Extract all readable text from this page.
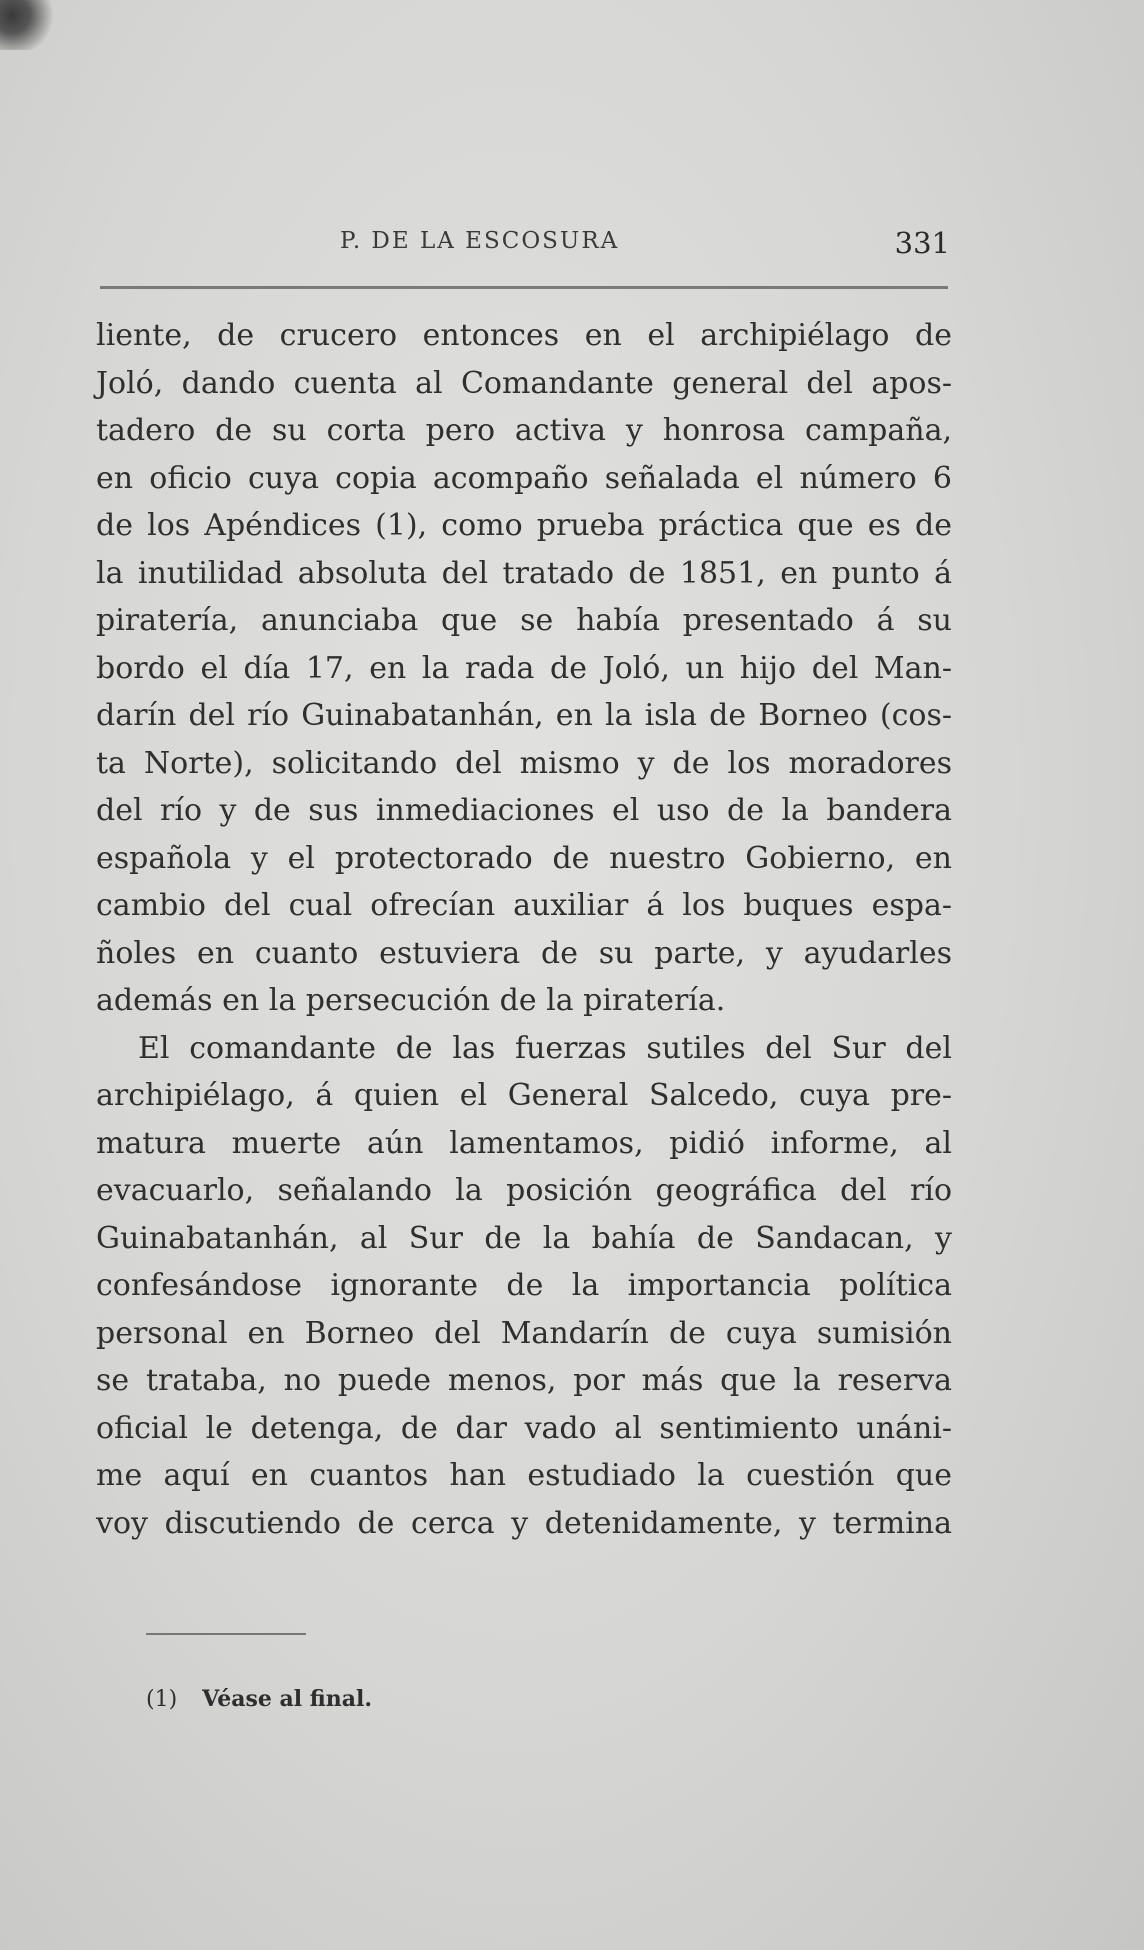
P. DE LA ESCOSURA	331
liente, de crucero entonces en el archipiélago de
Joló, dando cuenta al Comandante general del apos-
tadero de su corta pero activa y honrosa campaña,
en oficio cuya copia acompaño señalada el número 6
de los Apéndices (1), como prueba práctica que es de
la inutilidad absoluta del tratado de 1851, en punto á
piratería, anunciaba que se había presentado á su
bordo el día 17, en la rada de Joló, un hijo del Man-
darín del río Guinabatanhán, en la isla de Borneo (cos-
ta Norte), solicitando del mismo y de los moradores
del río y de sus inmediaciones el uso de la bandera
española y el protectorado de nuestro Gobierno, en
cambio del cual ofrecían auxiliar á los buques espa-
ñoles en cuanto estuviera de su parte, y ayudarles
además en la persecución de la piratería.
El comandante de las fuerzas sutiles del Sur del
archipiélago, á quien el General Salcedo, cuya pre-
matura muerte aún lamentamos, pidió informe, al
evacuarlo, señalando la posición geográfica del río
Guinabatanhán, al Sur de la bahía de Sandacan, y
confesándose ignorante de la importancia política
personal en Borneo del Mandarín de cuya sumisión
se trataba, no puede menos, por más que la reserva
oficial le detenga, de dar vado al sentimiento unáni-
me aquí en cuantos han estudiado la cuestión que
voy discutiendo de cerca y detenidamente, y termina
(1) Véase al final.
